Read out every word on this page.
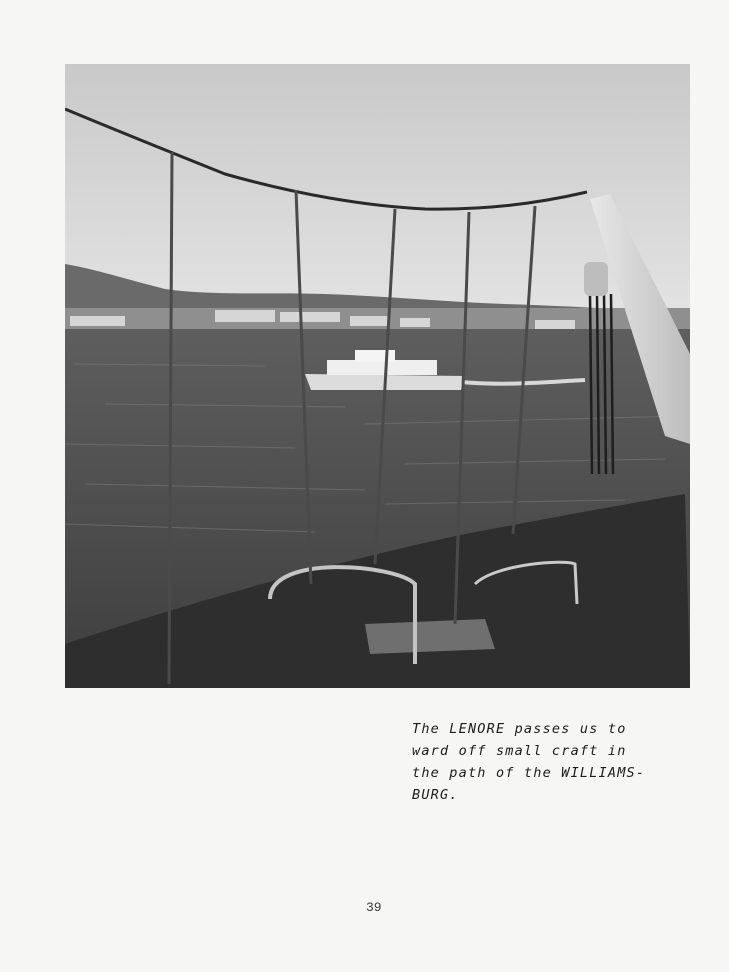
The LENORE passes us to
ward off small craft in
the path of the WILLIAMS-
BURG.
39
